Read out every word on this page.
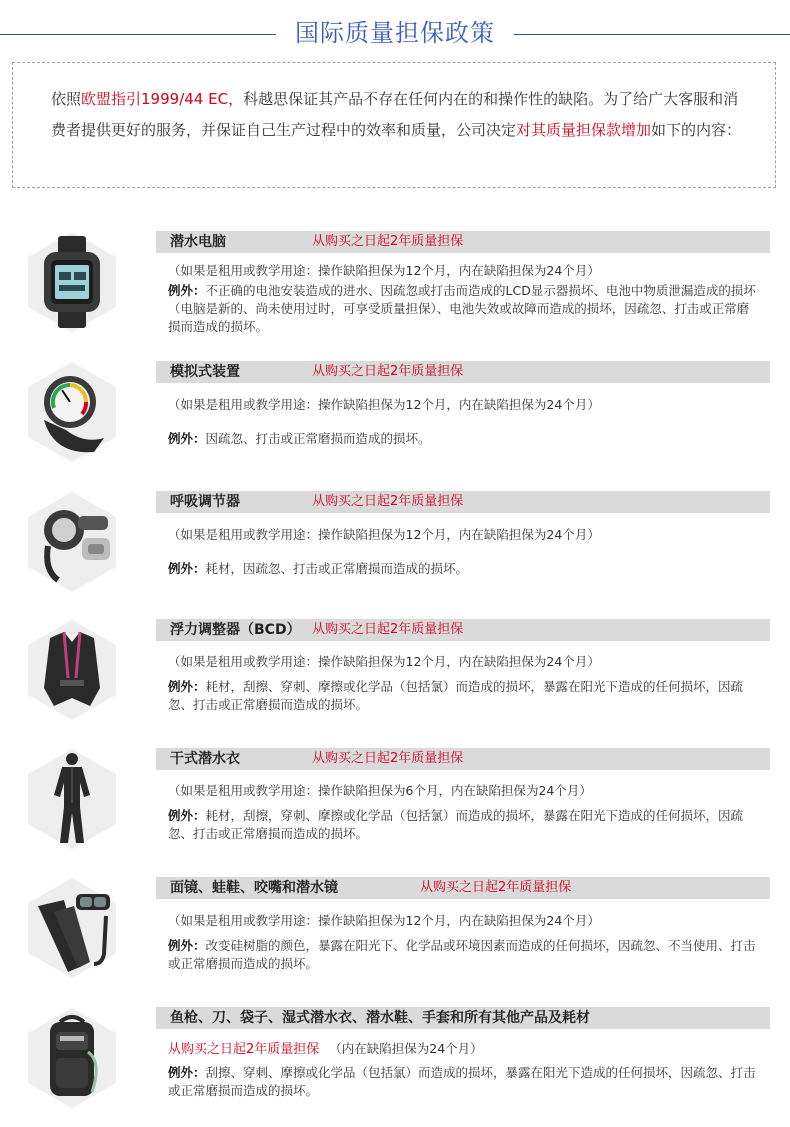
国际质量担保政策

依照欧盟指引1999/44 EC，科越思保证其产品不存在任何内在的和操作性的缺陷。为了给广大客服和消费者提供更好的服务，并保证自己生产过程中的效率和质量，公司决定对其质量担保款增加如下的内容：

潜水电脑	从购买之日起2年质量担保
（如果是租用或教学用途：操作缺陷担保为12个月，内在缺陷担保为24个月）
例外：不正确的电池安装造成的进水、因疏忽或打击而造成的LCD显示器损坏、电池中物质泄漏造成的损坏（电脑是新的、尚未使用过时，可享受质量担保）、电池失效或故障而造成的损坏，因疏忽、打击或正常磨损而造成的损坏。
模拟式装置	从购买之日起2年质量担保
（如果是租用或教学用途：操作缺陷担保为12个月，内在缺陷担保为24个月）
例外：因疏忽、打击或正常磨损而造成的损坏。
呼吸调节器	从购买之日起2年质量担保
（如果是租用或教学用途：操作缺陷担保为12个月，内在缺陷担保为24个月）
例外：耗材，因疏忽、打击或正常磨损而造成的损坏。
浮力调整器（BCD） 从购买之日起2年质量担保
（如果是租用或教学用途：操作缺陷担保为12个月，内在缺陷担保为24个月）
例外：耗材，刮擦、穿刺、摩擦或化学品（包括氯）而造成的损坏，暴露在阳光下造成的任何损坏，因疏忽、打击或正常磨损而造成的损坏。
干式潜水衣	从购买之日起2年质量担保
（如果是租用或教学用途：操作缺陷担保为6个月，内在缺陷担保为24个月）
例外：耗材，刮擦，穿刺、摩擦或化学品（包括氯）而造成的损坏，暴露在阳光下造成的任何损坏，因疏忽、打击或正常磨损而造成的损坏。
面镜、蛙鞋、咬嘴和潜水镜	从购买之日起2年质量担保
（如果是租用或教学用途：操作缺陷担保为12个月，内在缺陷担保为24个月）
例外：改变硅树脂的颜色，暴露在阳光下、化学品或环境因素而造成的任何损坏，因疏忽、不当使用、打击或正常磨损而造成的损坏。
鱼枪、刀、袋子、湿式潜水衣、潜水鞋、手套和所有其他产品及耗材
从购买之日起2年质量担保 （内在缺陷担保为24个月）
例外：刮擦、穿刺、摩擦或化学品（包括氯）而造成的损坏，暴露在阳光下造成的任何损坏，因疏忽、打击或正常磨损而造成的损坏。
